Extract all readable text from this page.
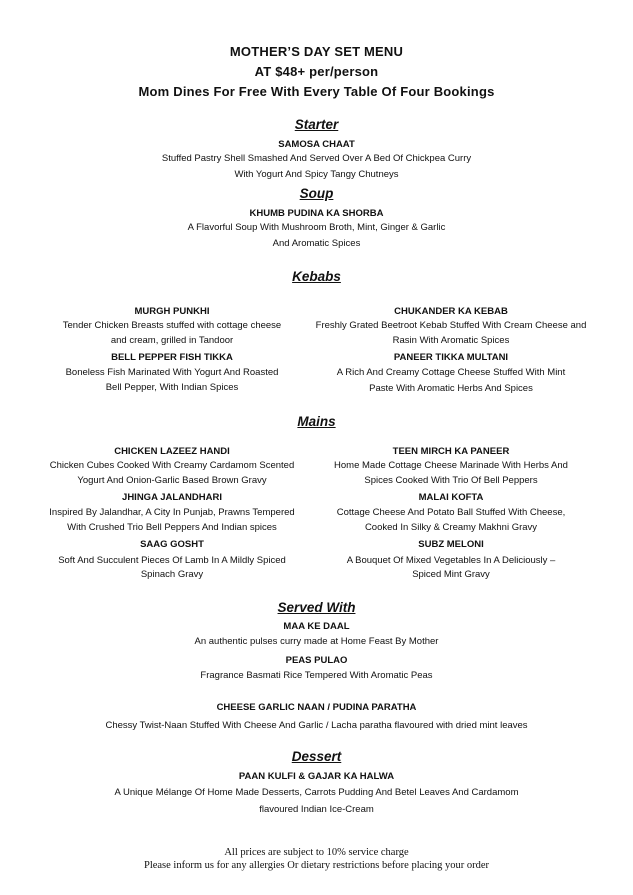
MOTHER’S DAY SET MENU
AT $48+ per/person
Mom Dines For Free With Every Table Of Four Bookings
Starter
SAMOSA CHAAT
Stuffed Pastry Shell Smashed And Served Over A Bed Of Chickpea Curry
With Yogurt And Spicy Tangy Chutneys
Soup
KHUMB PUDINA KA SHORBA
A Flavorful Soup With Mushroom Broth, Mint, Ginger & Garlic
And Aromatic Spices
Kebabs
MURGH PUNKHI
Tender Chicken Breasts stuffed with cottage cheese
and cream, grilled in Tandoor
BELL PEPPER FISH TIKKA
Boneless Fish Marinated With Yogurt And Roasted
Bell Pepper, With Indian Spices
CHUKANDER KA KEBAB
Freshly Grated Beetroot Kebab Stuffed With Cream Cheese and
Rasin With Aromatic Spices
PANEER TIKKA MULTANI
A Rich And Creamy Cottage Cheese Stuffed With Mint
Paste With Aromatic Herbs And Spices
Mains
CHICKEN LAZEEZ HANDI
Chicken Cubes Cooked With Creamy Cardamom Scented
Yogurt And Onion-Garlic Based Brown Gravy
JHINGA JALANDHARI
Inspired By Jalandhar, A City In Punjab, Prawns Tempered
With Crushed Trio Bell Peppers And Indian spices
SAAG GOSHT
Soft And Succulent Pieces Of Lamb In A Mildly Spiced
Spinach Gravy
TEEN MIRCH KA PANEER
Home Made Cottage Cheese Marinade With Herbs And
Spices Cooked With Trio Of Bell Peppers
MALAI KOFTA
Cottage Cheese And Potato Ball Stuffed With Cheese,
Cooked In Silky & Creamy Makhni Gravy
SUBZ MELONI
A Bouquet Of Mixed Vegetables In A Deliciously –
Spiced Mint Gravy
Served With
MAA KE DAAL
An authentic pulses curry made at Home Feast By Mother
PEAS PULAO
Fragrance Basmati Rice Tempered With Aromatic Peas
CHEESE GARLIC NAAN / PUDINA PARATHA
Chessy Twist-Naan Stuffed With Cheese And Garlic / Lacha paratha flavoured with dried mint leaves
Dessert
PAAN KULFI & GAJAR KA HALWA
A Unique Mélange Of Home Made Desserts, Carrots Pudding And Betel Leaves And Cardamom
flavoured Indian Ice-Cream
All prices are subject to 10% service charge
Please inform us for any allergies Or dietary restrictions before placing your order
